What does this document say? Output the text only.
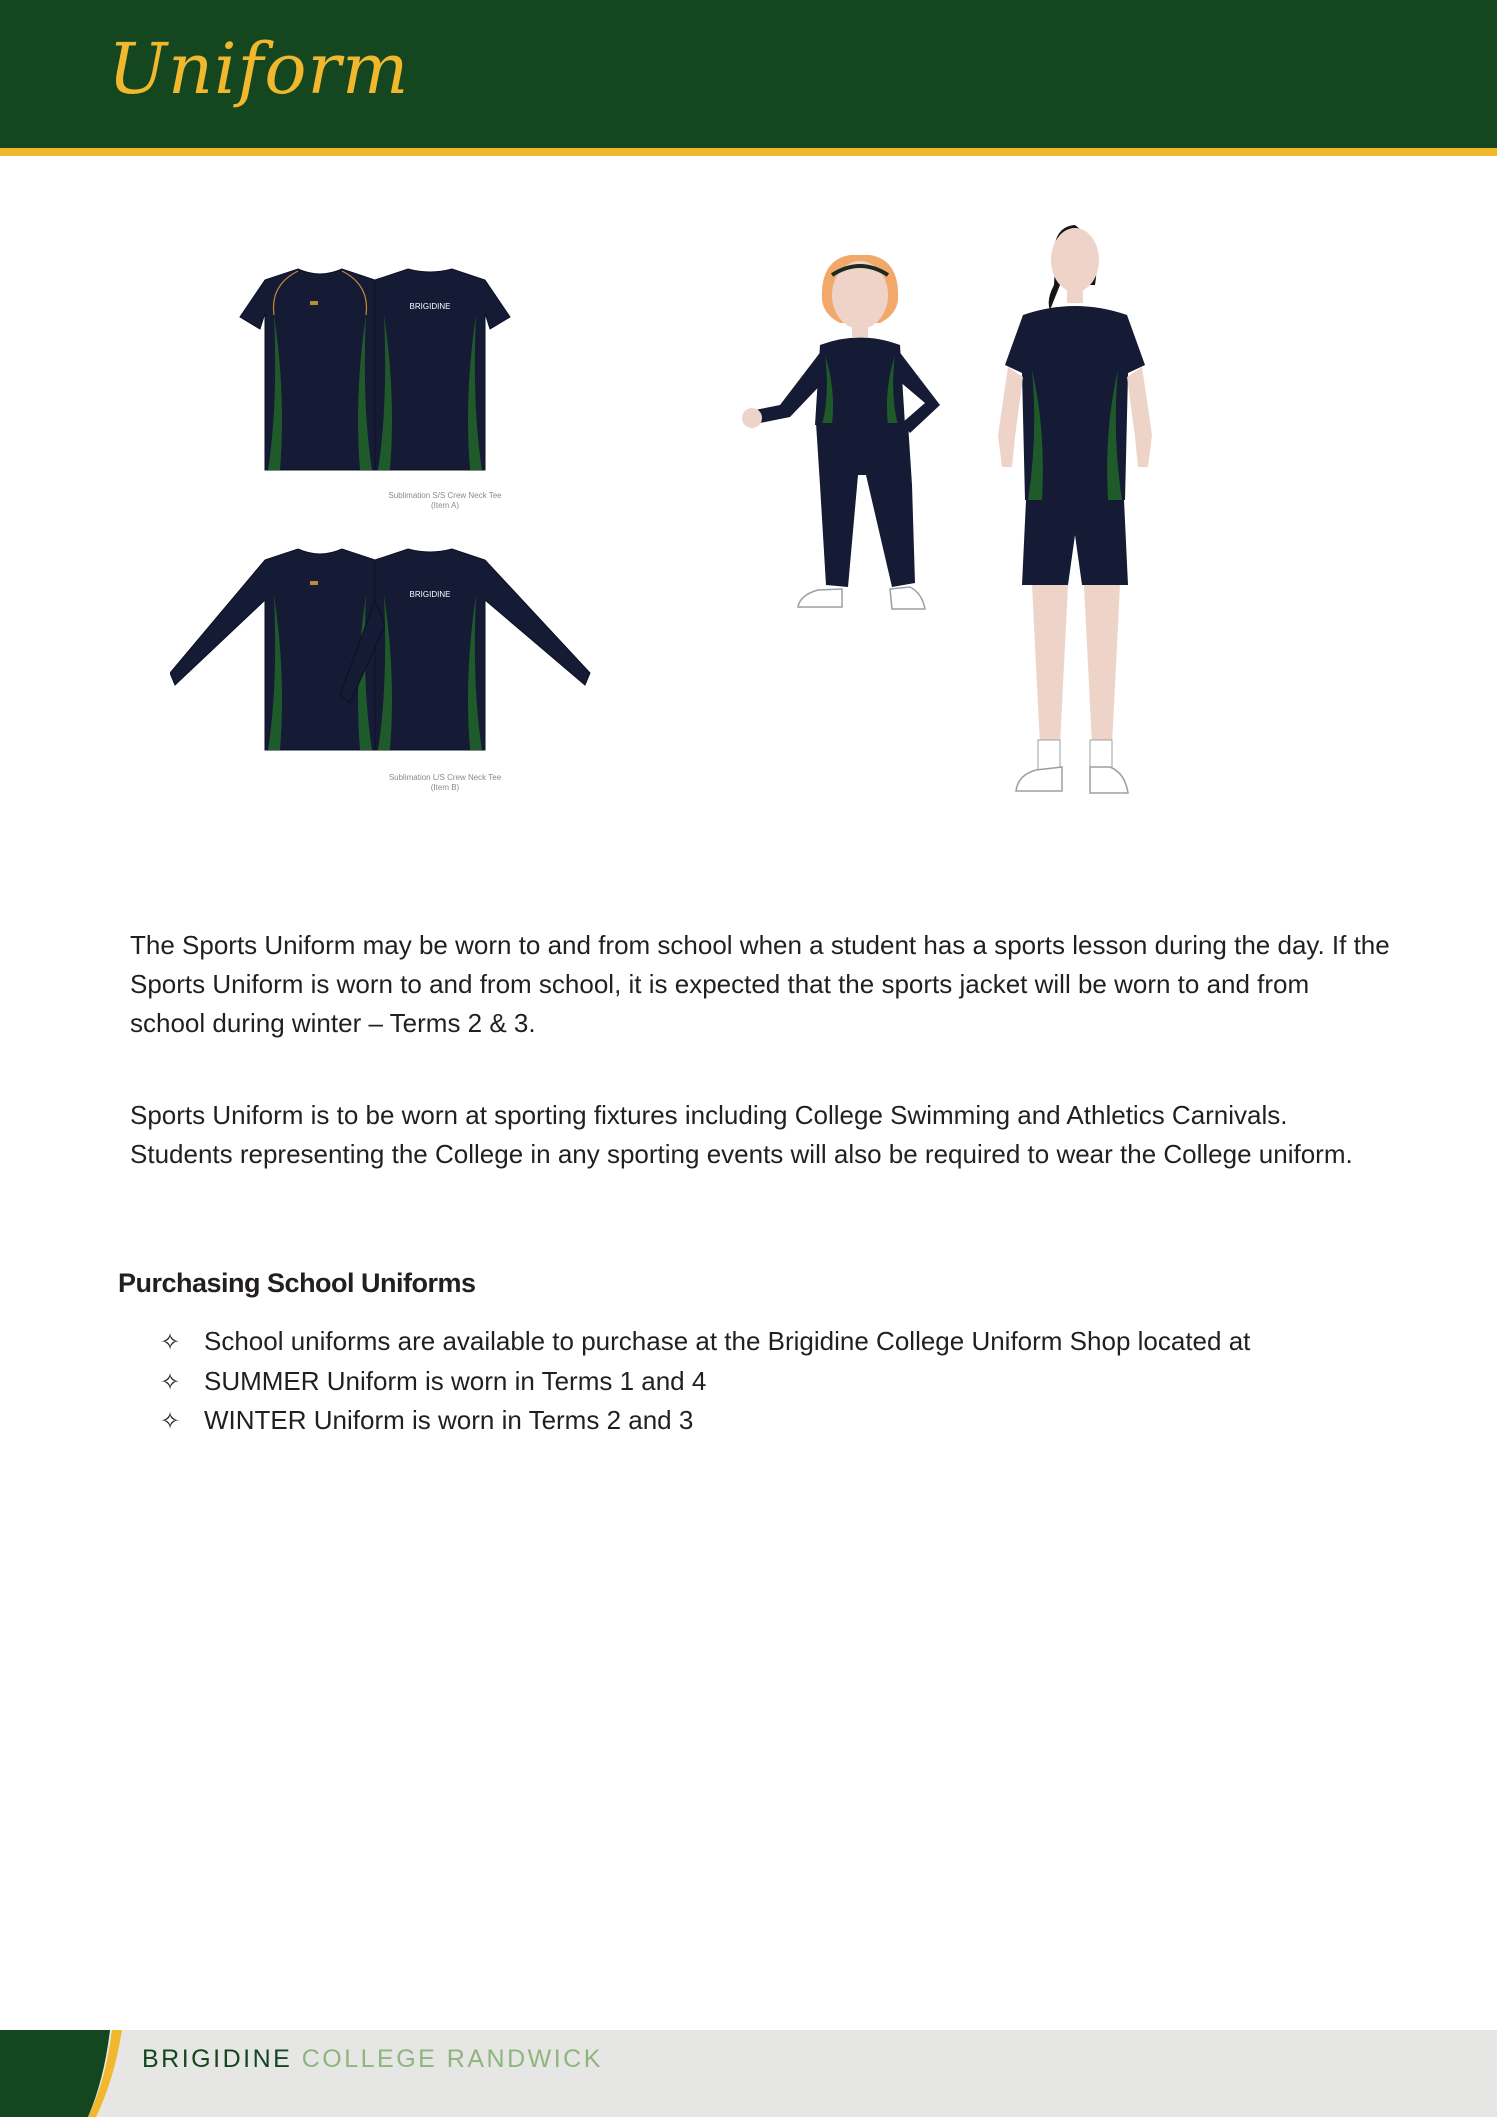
Uniform
BRIGIDINE
Sublimation S/S Crew Neck Tee
(Item A)
BRIGIDINE
Sublimation L/S Crew Neck Tee
(Item B)

The Sports Uniform may be worn to and from school when a student has a sports lesson during the day. If the Sports Uniform is worn to and from school, it is expected that the sports jacket will be worn to and from school during winter – Terms 2 & 3.

Sports Uniform is to be worn at sporting fixtures including College Swimming and Athletics Carnivals. Students representing the College in any sporting events will also be required to wear the College uniform.

Purchasing School Uniforms
✧ School uniforms are available to purchase at the Brigidine College Uniform Shop located at
✧ SUMMER Uniform is worn in Terms 1 and 4
✧ WINTER Uniform is worn in Terms 2 and 3
BRIGIDINE COLLEGE RANDWICK
